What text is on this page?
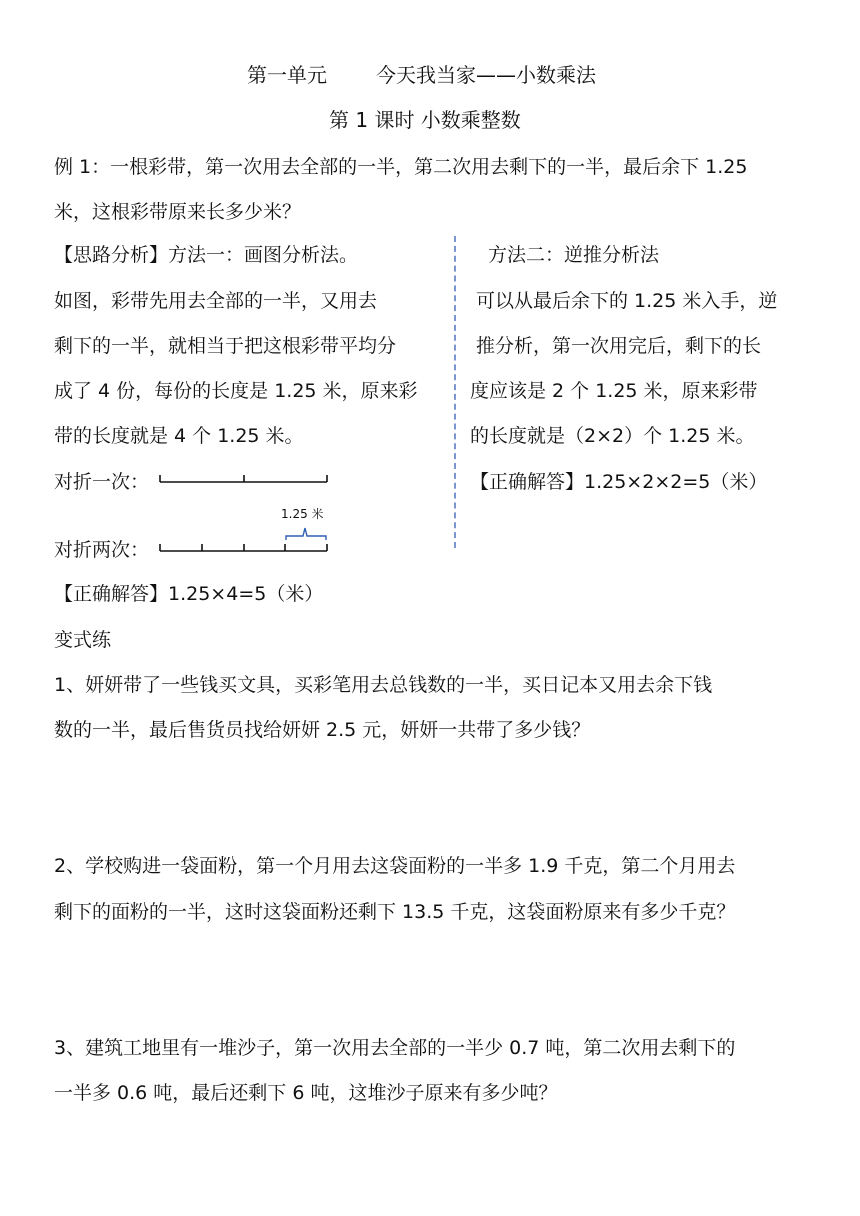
第一单元 今天我当家——小数乘法
第 1 课时 小数乘整数
例 1：一根彩带，第一次用去全部的一半，第二次用去剩下的一半，最后余下 1.25
米，这根彩带原来长多少米？
【思路分析】方法一：画图分析法。
如图，彩带先用去全部的一半，又用去
剩下的一半，就相当于把这根彩带平均分
成了 4 份，每份的长度是 1.25 米，原来彩
带的长度就是 4 个 1.25 米。
对折一次：
1.25 米
对折两次：
【正确解答】1.25×4=5（米）
方法二：逆推分析法
可以从最后余下的 1.25 米入手，逆
推分析，第一次用完后，剩下的长
度应该是 2 个 1.25 米，原来彩带
的长度就是（2×2）个 1.25 米。
【正确解答】1.25×2×2=5（米）
变式练
1、妍妍带了一些钱买文具，买彩笔用去总钱数的一半，买日记本又用去余下钱
数的一半，最后售货员找给妍妍 2.5 元，妍妍一共带了多少钱？
2、学校购进一袋面粉，第一个月用去这袋面粉的一半多 1.9 千克，第二个月用去
剩下的面粉的一半，这时这袋面粉还剩下 13.5 千克，这袋面粉原来有多少千克？
3、建筑工地里有一堆沙子，第一次用去全部的一半少 0.7 吨，第二次用去剩下的
一半多 0.6 吨，最后还剩下 6 吨，这堆沙子原来有多少吨？
